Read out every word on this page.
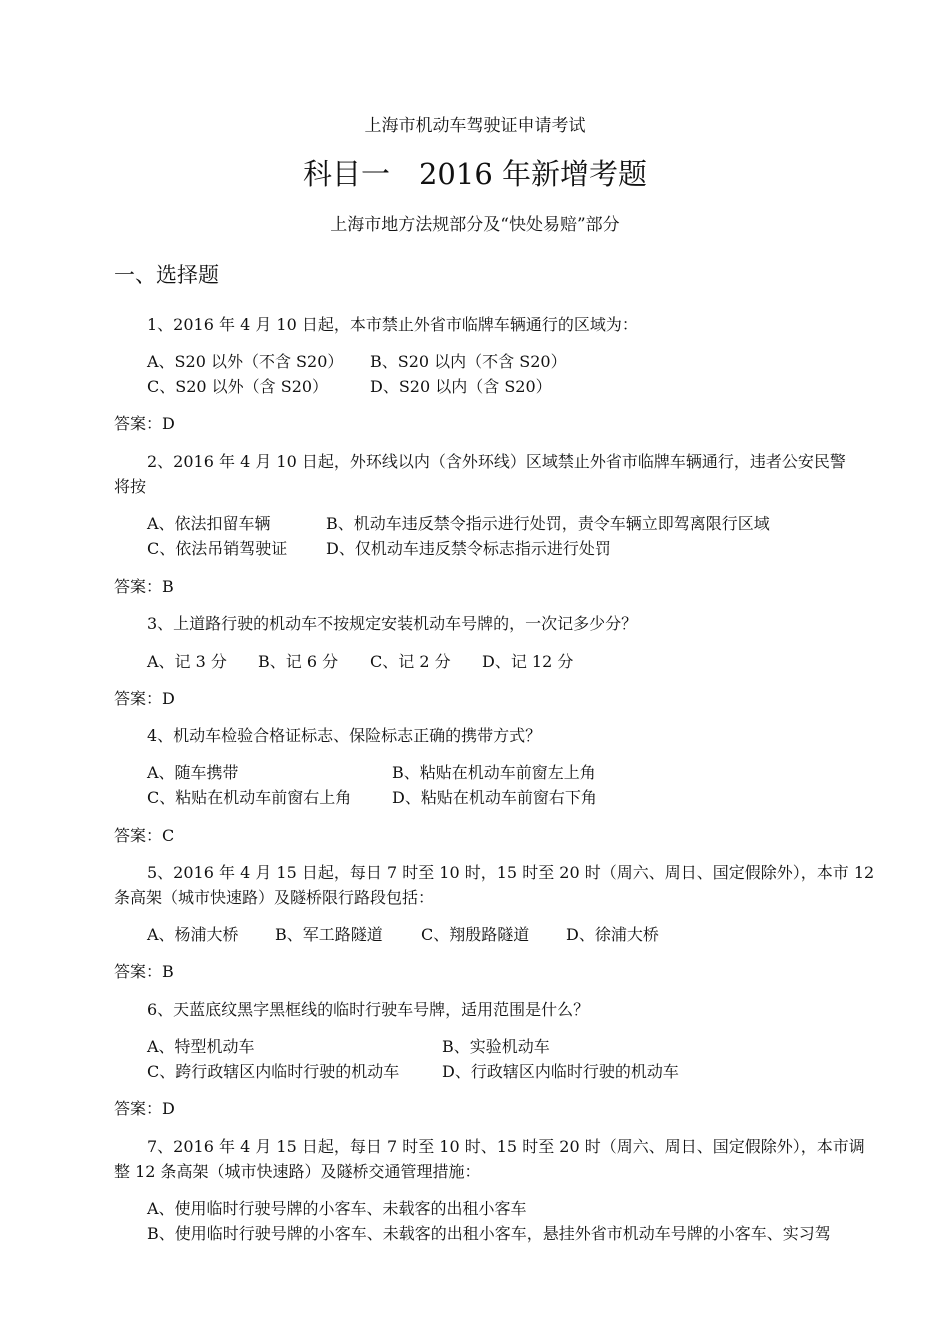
上海市机动车驾驶证申请考试
科目一　2016 年新增考题
上海市地方法规部分及“快处易赔”部分
一、选择题
1、2016 年 4 月 10 日起，本市禁止外省市临牌车辆通行的区域为：
A、S20 以外（不含 S20） B、S20 以内（不含 S20）
C、S20 以外（含 S20）	D、S20 以内（含 S20）
答案：D
2、2016 年 4 月 10 日起，外环线以内（含外环线）区域禁止外省市临牌车辆通行，违者公安民警
将按
A、依法扣留车辆	B、机动车违反禁令指示进行处罚，责令车辆立即驾离限行区域
C、依法吊销驾驶证 D、仅机动车违反禁令标志指示进行处罚
答案：B
3、上道路行驶的机动车不按规定安装机动车号牌的，一次记多少分？
A、记 3 分 B、记 6 分 C、记 2 分 D、记 12 分
答案：D
4、机动车检验合格证标志、保险标志正确的携带方式？
A、随车携带	B、粘贴在机动车前窗左上角
C、粘贴在机动车前窗右上角	D、粘贴在机动车前窗右下角
答案：C
5、2016 年 4 月 15 日起，每日 7 时至 10 时，15 时至 20 时（周六、周日、国定假除外），本市 12
条高架（城市快速路）及隧桥限行路段包括：
A、杨浦大桥 B、军工路隧道 C、翔殷路隧道 D、徐浦大桥
答案：B
6、天蓝底纹黑字黑框线的临时行驶车号牌，适用范围是什么？
A、特型机动车	B、实验机动车
C、跨行政辖区内临时行驶的机动车	D、行政辖区内临时行驶的机动车
答案：D
7、2016 年 4 月 15 日起，每日 7 时至 10 时、15 时至 20 时（周六、周日、国定假除外），本市调
整 12 条高架（城市快速路）及隧桥交通管理措施：
A、使用临时行驶号牌的小客车、未载客的出租小客车
B、使用临时行驶号牌的小客车、未载客的出租小客车，悬挂外省市机动车号牌的小客车、实习驾
